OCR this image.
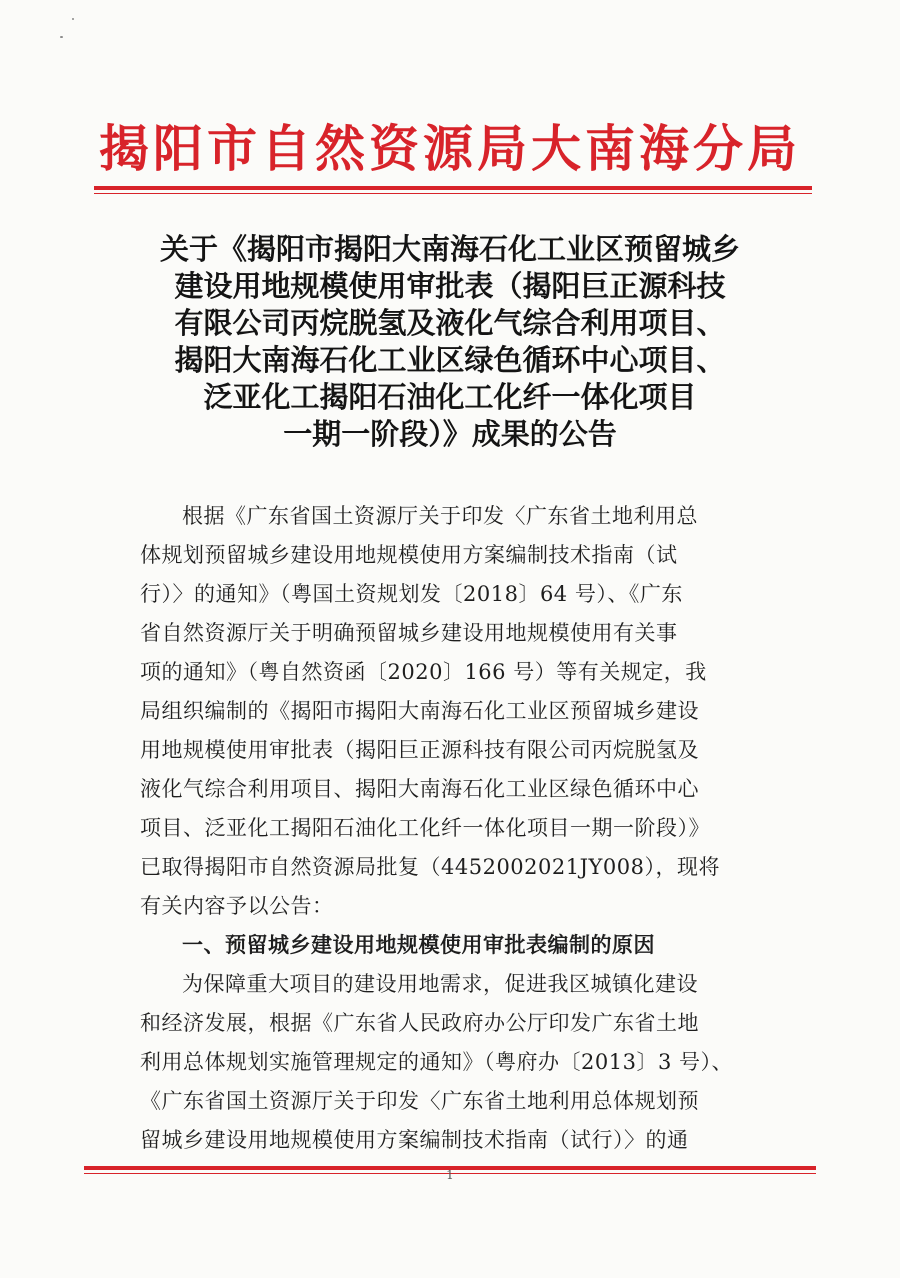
揭阳市自然资源局大南海分局
关于《揭阳市揭阳大南海石化工业区预留城乡
建设用地规模使用审批表（揭阳巨正源科技
有限公司丙烷脱氢及液化气综合利用项目、
揭阳大南海石化工业区绿色循环中心项目、
泛亚化工揭阳石油化工化纤一体化项目
一期一阶段）》成果的公告
根据《广东省国土资源厅关于印发〈广东省土地利用总
体规划预留城乡建设用地规模使用方案编制技术指南（试
行）〉的通知》（粤国土资规划发〔2018〕64 号）、《广东
省自然资源厅关于明确预留城乡建设用地规模使用有关事
项的通知》（粤自然资函〔2020〕166 号）等有关规定，我
局组织编制的《揭阳市揭阳大南海石化工业区预留城乡建设
用地规模使用审批表（揭阳巨正源科技有限公司丙烷脱氢及
液化气综合利用项目、揭阳大南海石化工业区绿色循环中心
项目、泛亚化工揭阳石油化工化纤一体化项目一期一阶段）》
已取得揭阳市自然资源局批复（4452002021JY008），现将
有关内容予以公告：
一、预留城乡建设用地规模使用审批表编制的原因
为保障重大项目的建设用地需求，促进我区城镇化建设
和经济发展，根据《广东省人民政府办公厅印发广东省土地
利用总体规划实施管理规定的通知》（粤府办〔2013〕3 号）、
《广东省国土资源厅关于印发〈广东省土地利用总体规划预
留城乡建设用地规模使用方案编制技术指南（试行）〉的通
1
